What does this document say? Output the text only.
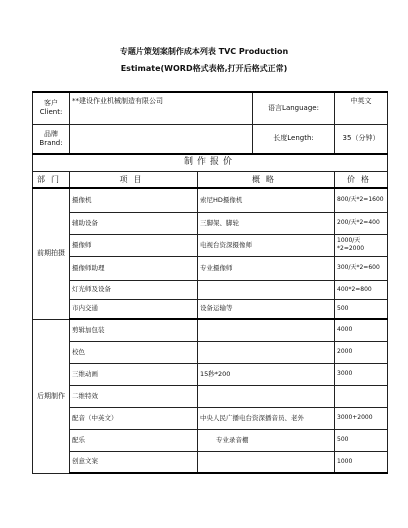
专题片策划案制作成本列表 TVC Production
Estimate(WORD格式表格,打开后格式正常)
客户Client:	**建设作业机械制造有限公司		语言Language:	中英文
品牌Brand:			长度Length:	35（分钟）
制作报价				
部门	项目	概略		价格
前期拍摄	摄像机	索尼HD摄像机		800/天*2=1600
	辅助设备	三脚架、脚轮		200/天*2=400
	摄像师	电视台资深摄像师		1000/天*2=2000
	摄像师助理	专业摄像师		300/天*2=600
	灯光师及设备			400*2=800
	市内交通	设备运输等		500
后期制作	剪辑加包装			4000
	校色			2000
	三维动画	15秒*200		3000
	二维特效			
	配音（中英文）	中央人民广播电台资深播音员、老外		3000+2000
	配乐	专业录音棚		500
	创意文案			1000
